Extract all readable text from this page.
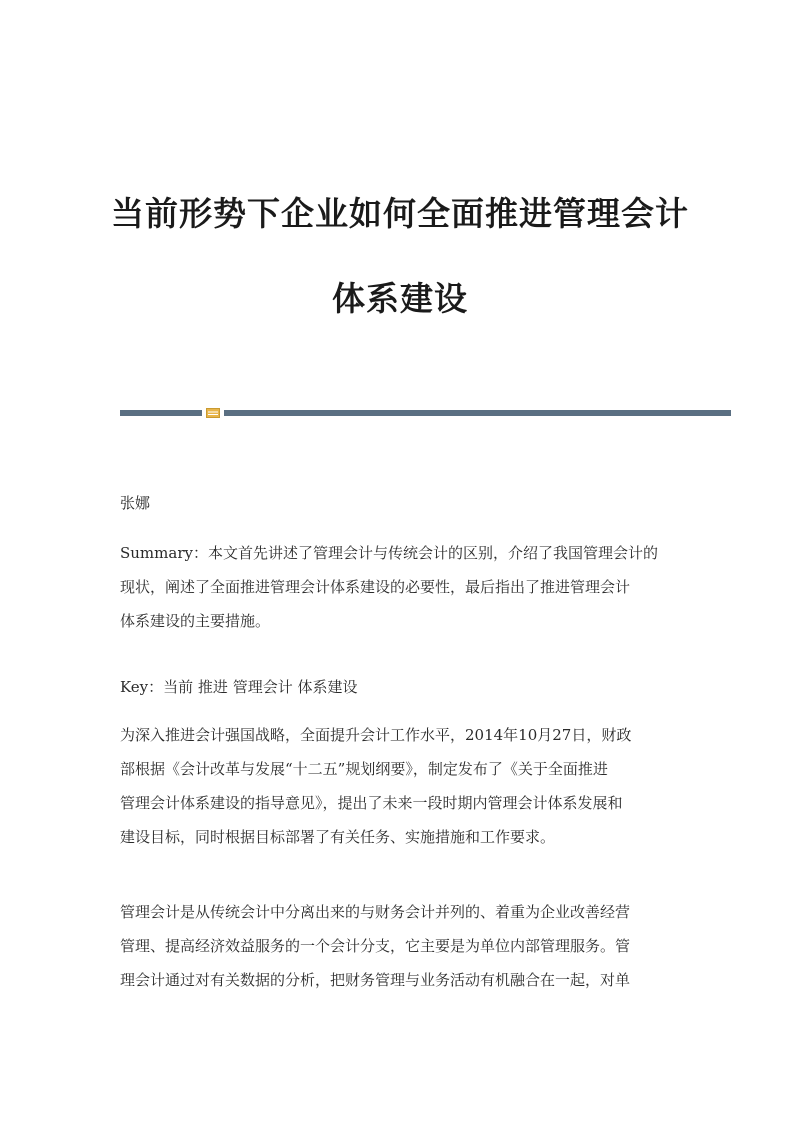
当前形势下企业如何全面推进管理会计
体系建设
张娜
Summary：本文首先讲述了管理会计与传统会计的区别，介绍了我国管理会计的
现状，阐述了全面推进管理会计体系建设的必要性，最后指出了推进管理会计
体系建设的主要措施。
Key：当前 推进 管理会计 体系建设
为深入推进会计强国战略，全面提升会计工作水平，2014年10月27日，财政
部根据《会计改革与发展“十二五”规划纲要》，制定发布了《关于全面推进
管理会计体系建设的指导意见》，提出了未来一段时期内管理会计体系发展和
建设目标，同时根据目标部署了有关任务、实施措施和工作要求。
管理会计是从传统会计中分离出来的与财务会计并列的、着重为企业改善经营
管理、提高经济效益服务的一个会计分支，它主要是为单位内部管理服务。管
理会计通过对有关数据的分析，把财务管理与业务活动有机融合在一起，对单
